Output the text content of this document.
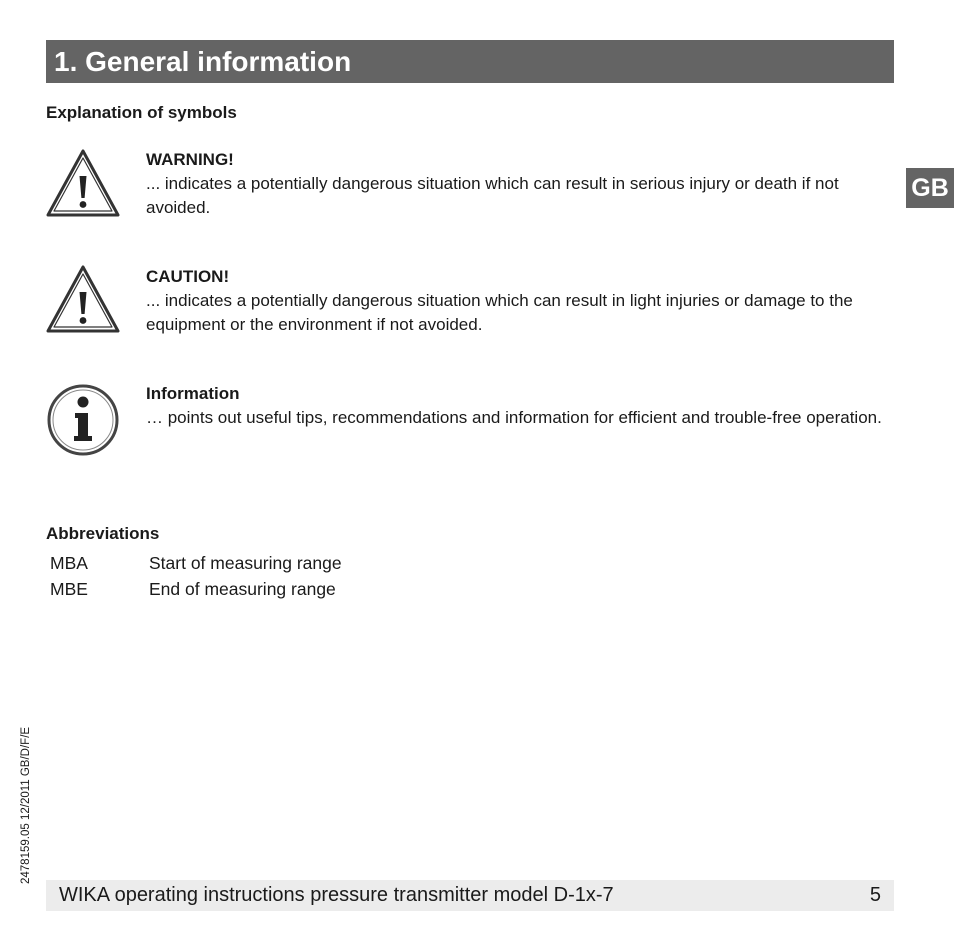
1. General information
GB
Explanation of symbols
WARNING!
... indicates a potentially dangerous situation which can result in serious injury or death if not avoided.
CAUTION!
... indicates a potentially dangerous situation which can result in light injuries or damage to the equipment or the environment if not avoided.
Information
… points out useful tips, recommendations and information for efficient and trouble-free operation.
Abbreviations
MBA	Start of measuring range
MBE	End of measuring range
2478159.05 12/2011 GB/D/F/E
WIKA operating instructions pressure transmitter model D-1x-7	5
